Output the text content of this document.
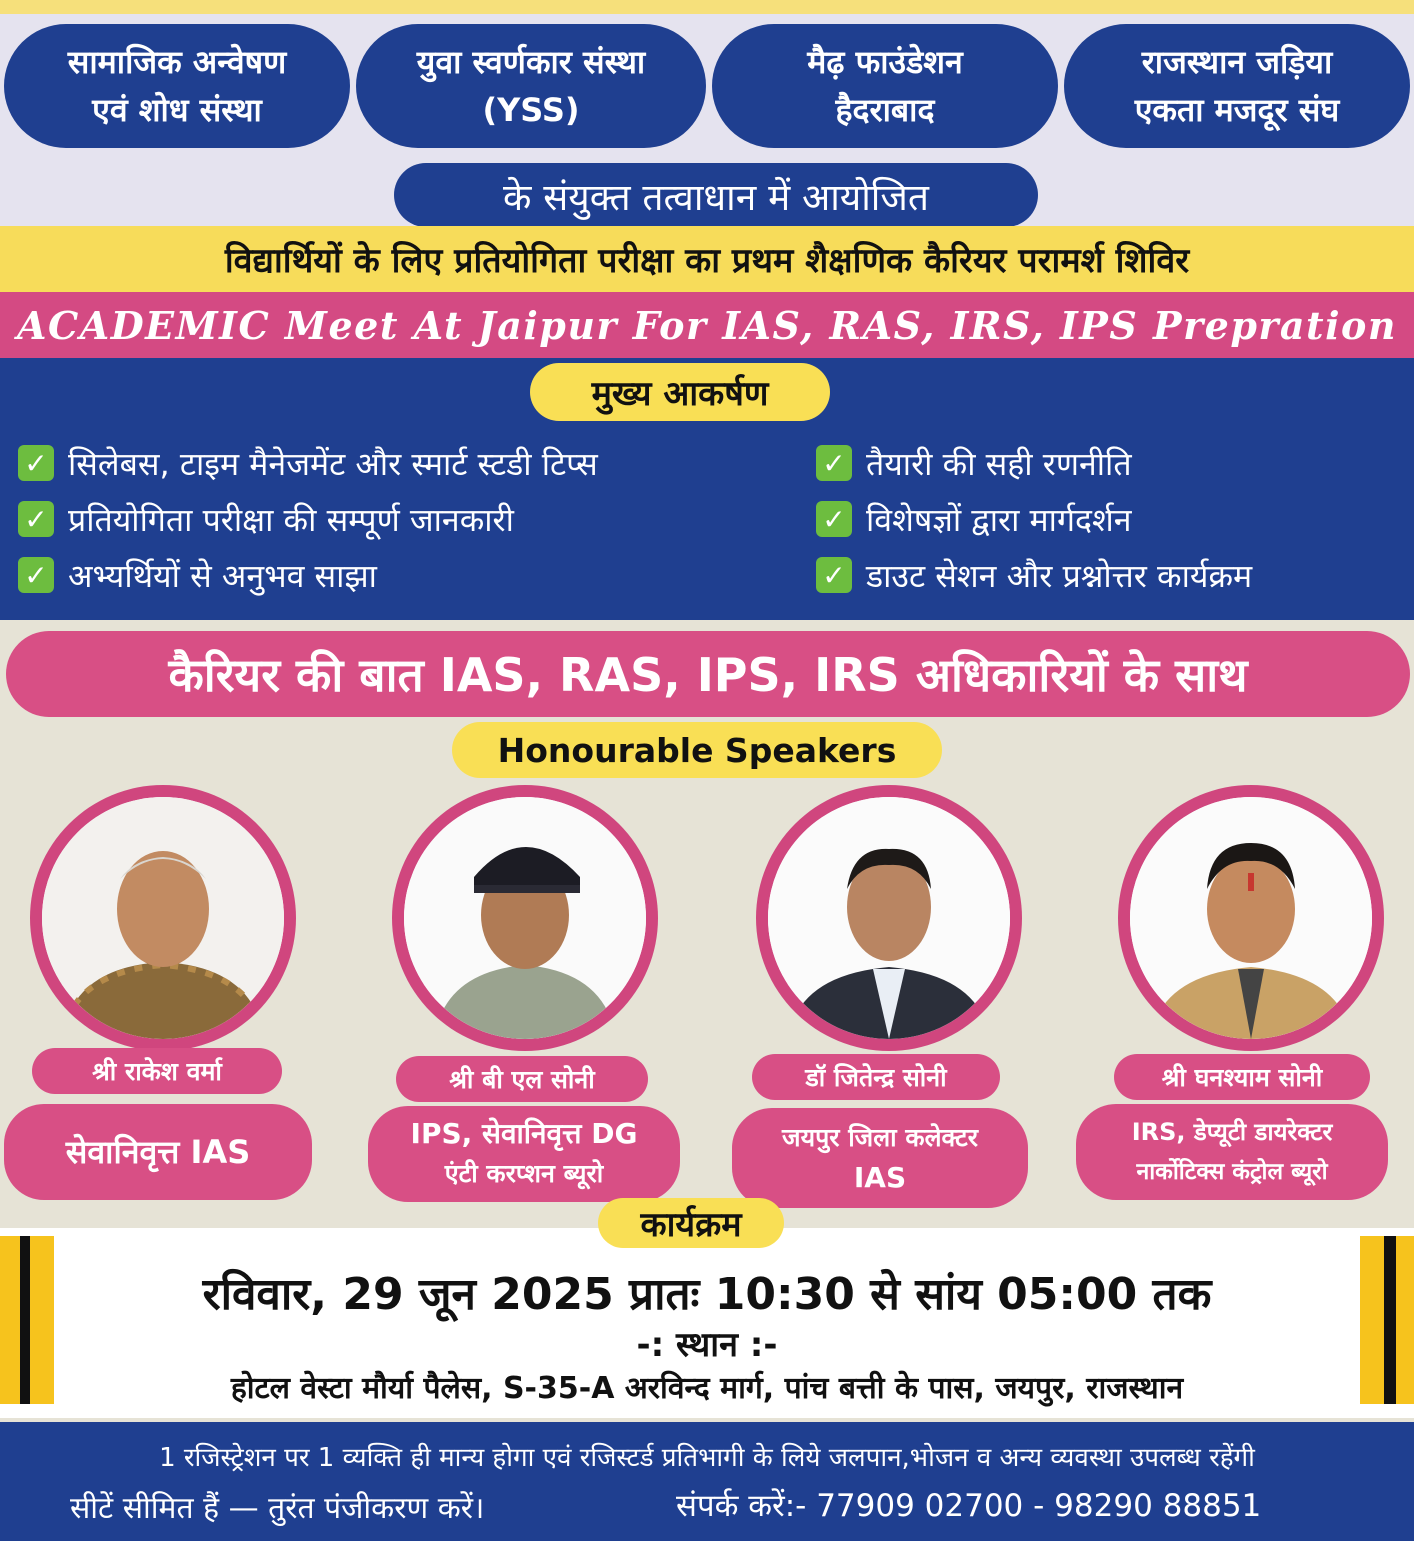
सामाजिक अन्वेषण
एवं शोध संस्था
युवा स्वर्णकार संस्था
(YSS)
मैढ़ फाउंडेशन
हैदराबाद
राजस्थान जड़िया
एकता मजदूर संघ
के संयुक्त तत्वाधान में आयोजित
विद्यार्थियों के लिए प्रतियोगिता परीक्षा का प्रथम शैक्षणिक कैरियर परामर्श शिविर
ACADEMIC Meet At Jaipur For IAS, RAS, IRS, IPS Prepration
मुख्य आकर्षण
✓ सिलेबस, टाइम मैनेजमेंट और स्मार्ट स्टडी टिप्स
✓ प्रतियोगिता परीक्षा की सम्पूर्ण जानकारी
✓ अभ्यर्थियों से अनुभव साझा
✓ तैयारी की सही रणनीति
✓ विशेषज्ञों द्वारा मार्गदर्शन
✓ डाउट सेशन और प्रश्नोत्तर कार्यक्रम
कैरियर की बात IAS, RAS, IPS, IRS अधिकारियों के साथ
Honourable Speakers
श्री राकेश वर्मा	श्री बी एल सोनी	डॉ जितेन्द्र सोनी	श्री घनश्याम सोनी
सेवानिवृत्त IAS	IPS, सेवानिवृत्त DG
एंटी करप्शन ब्यूरो
जयपुर जिला कलेक्टर
IAS
IRS, डेप्यूटी डायरेक्टर
नार्कोटिक्स कंट्रोल ब्यूरो
कार्यक्रम
रविवार, 29 जून 2025 प्रातः 10:30 से सांय 05:00 तक
-: स्थान :-
होटल वेस्टा मौर्या पैलेस, S-35-A अरविन्द मार्ग, पांच बत्ती के पास, जयपुर, राजस्थान
1 रजिस्ट्रेशन पर 1 व्यक्ति ही मान्य होगा एवं रजिस्टर्ड प्रतिभागी के लिये जलपान,भोजन व अन्य व्यवस्था उपलब्ध रहेंगी
सीटें सीमित हैं — तुरंत पंजीकरण करें।	संपर्क करें:- 77909 02700 - 98290 88851
